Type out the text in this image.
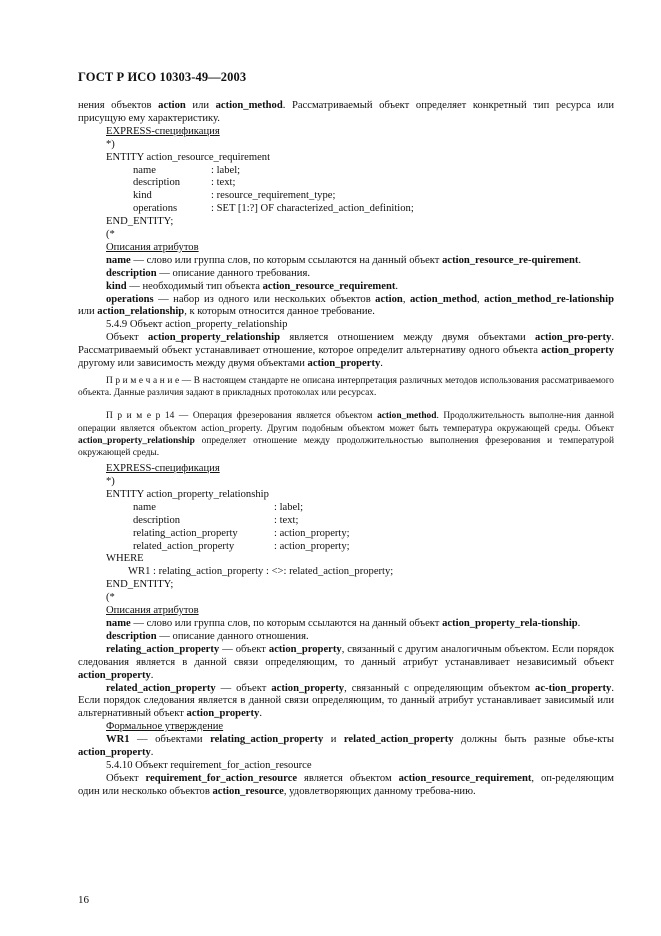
ГОСТ Р ИСО 10303-49—2003

нения объектов action или action_method. Рассматриваемый объект определяет конкретный тип ресурса или присущую ему характеристику.

EXPRESS-спецификация
*)
ENTITY action_resource_requirement
name	: label;
description	: text;
kind	: resource_requirement_type;
operations	: SET [1:?] OF characterized_action_definition;
END_ENTITY;
(*
Описания атрибутов

name — слово или группа слов, по которым ссылаются на данный объект action_resource_re-quirement.

description — описание данного требования.

kind — необходимый тип объекта action_resource_requirement.

operations — набор из одного или нескольких объектов action, action_method, action_method_re-lationship или action_relationship, к которым относится данное требование.

5.4.9 Объект action_property_relationship

Объект action_property_relationship является отношением между двумя объектами action_pro-perty. Рассматриваемый объект устанавливает отношение, которое определит альтернативу одного объекта action_property другому или зависимость между двумя объектами action_property.

П р и м е ч а н и е — В настоящем стандарте не описана интерпретация различных методов использования рассматриваемого объекта. Данные различия задают в прикладных протоколах или ресурсах.

П р и м е р 14 — Операция фрезерования является объектом action_method. Продолжительность выполне-ния данной операции является объектом action_property. Другим подобным объектом может быть температура окружающей среды. Объект action_property_relationship определяет отношение между продолжительностью выполнения фрезерования и температурой окружающей среды.

EXPRESS-спецификация
*)
ENTITY action_property_relationship
name	: label;
description	: text;
relating_action_property	: action_property;
related_action_property	: action_property;
WHERE
WR1 : relating_action_property : <>: related_action_property;
END_ENTITY;
(*
Описания атрибутов

name — слово или группа слов, по которым ссылаются на данный объект action_property_rela-tionship.

description — описание данного отношения.

relating_action_property — объект action_property, связанный с другим аналогичным объектом. Если порядок следования является в данной связи определяющим, то данный атрибут устанавливает независимый объект action_property.

related_action_property — объект action_property, связанный с определяющим объектом ac-tion_property. Если порядок следования является в данной связи определяющим, то данный атрибут устанавливает зависимый или альтернативный объект action_property.

Формальное утверждение

WR1 — объектами relating_action_property и related_action_property должны быть разные объе-кты action_property.

5.4.10 Объект requirement_for_action_resource

Объект requirement_for_action_resource является объектом action_resource_requirement, оп-ределяющим один или несколько объектов action_resource, удовлетворяющих данному требова-нию.

16
